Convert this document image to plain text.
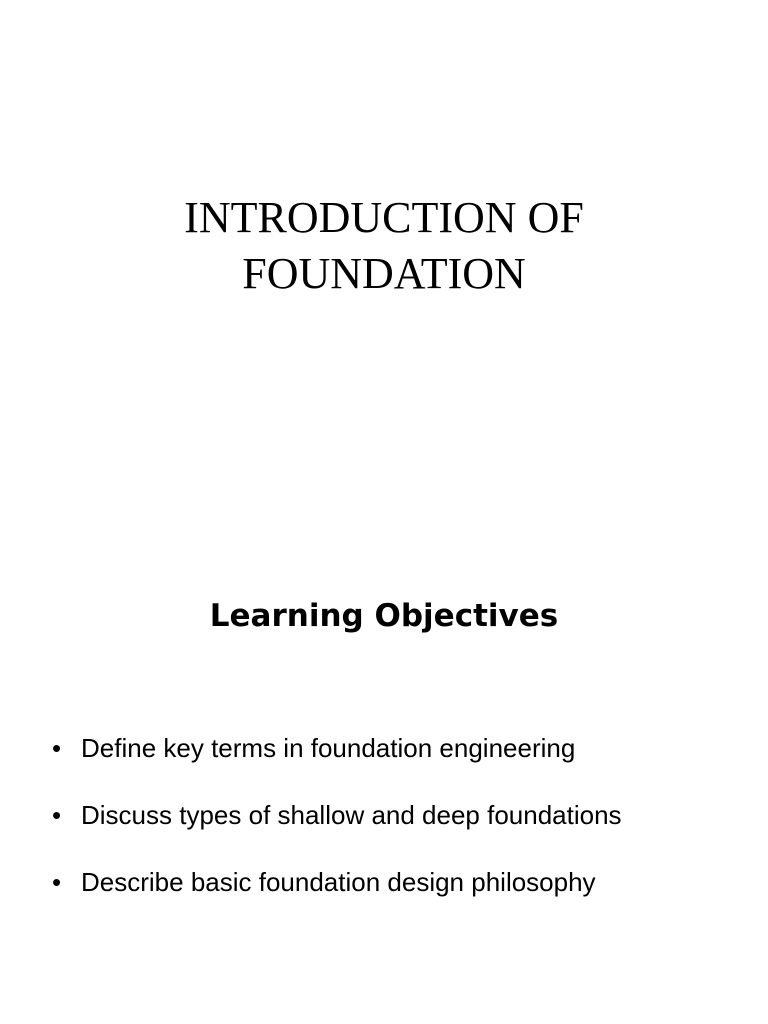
INTRODUCTION OF
FOUNDATION
Learning Objectives
• Define key terms in foundation engineering
• Discuss types of shallow and deep foundations
• Describe basic foundation design philosophy
